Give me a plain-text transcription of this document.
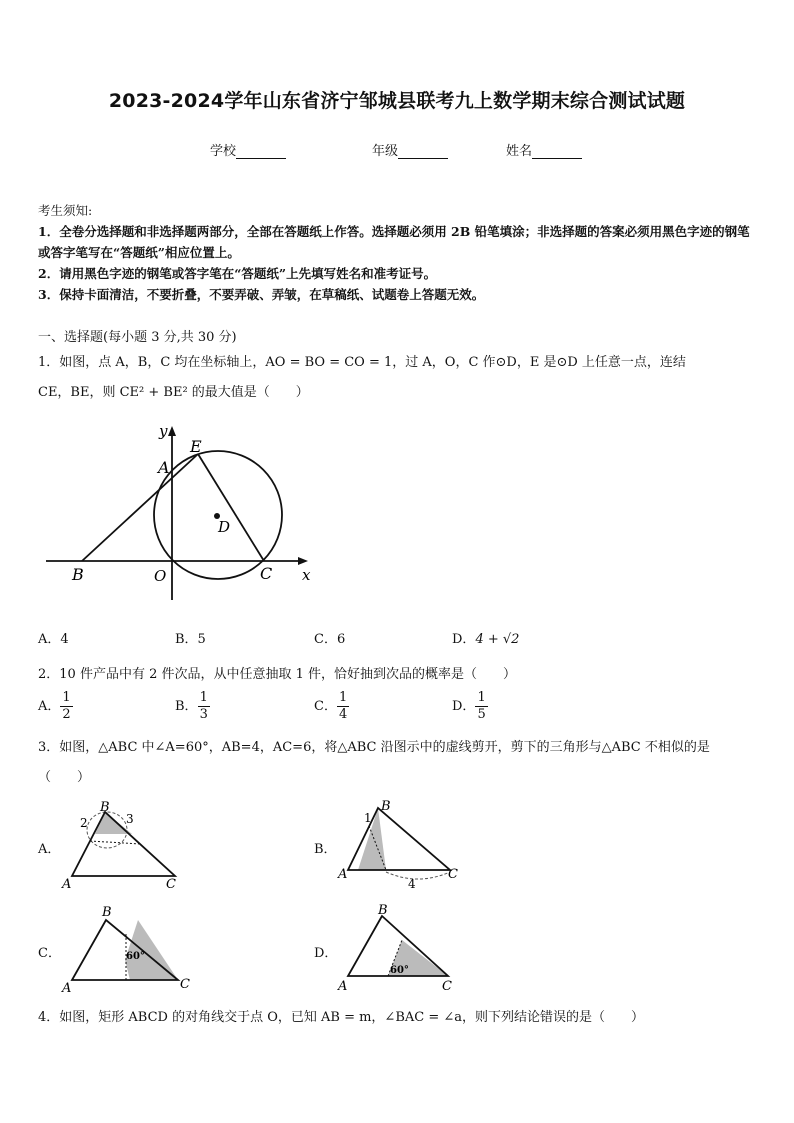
2023-2024学年山东省济宁邹城县联考九上数学期末综合测试试题
学校	年级	姓名

考生须知:

1．全卷分选择题和非选择题两部分，全部在答题纸上作答。选择题必须用 2B 铅笔填涂；非选择题的答案必须用黑色字迹的钢笔或答字笔写在“答题纸”相应位置上。

2．请用黑色字迹的钢笔或答字笔在“答题纸”上先填写姓名和准考证号。

3．保持卡面清洁，不要折叠，不要弄破、弄皱，在草稿纸、试题卷上答题无效。

一、选择题(每小题 3 分,共 30 分)
1．如图，点 A，B，C 均在坐标轴上，AO = BO = CO = 1，过 A，O，C 作⊙D，E 是⊙D 上任意一点，连结
CE，BE，则 CE² + BE² 的最大值是（　　）
y
x
E
A
D
B	O	C
A．4	B．5	C．6	D．4 + √2
2．10 件产品中有 2 件次品，从中任意抽取 1 件，恰好抽到次品的概率是（　　）
A． $\frac{1}{2}$	B． $\frac{1}{3}$	C． $\frac{1}{4}$	D． $\frac{1}{5}$
3．如图，△ABC 中∠A=60°，AB=4，AC=6，将△ABC 沿图示中的虚线剪开，剪下的三角形与△ABC 不相似的是
（　　）
A．
B
A	C
2	3
B．
B
A	C
1
4
C．
B
A	C
60°	D．
B
A	C
60°
4．如图，矩形 ABCD 的对角线交于点 O，已知 AB = m，∠BAC = ∠a，则下列结论错误的是（　　）
